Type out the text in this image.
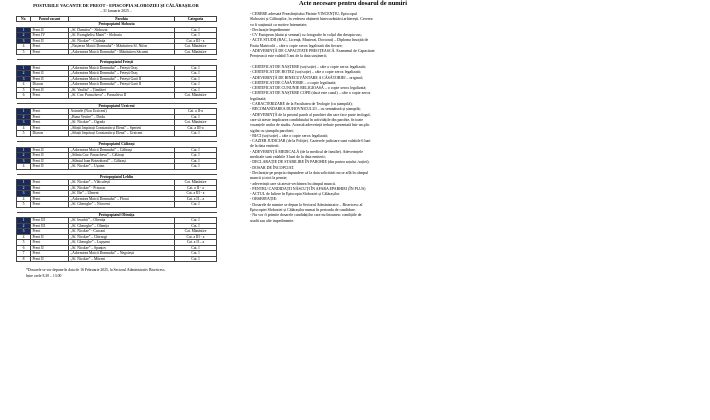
POSTURILE VACANTE DE PREOT - EPISCOPIA SLOBOZIEI ȘI CĂLĂRAȘILOR
– 31 Ianuarie 2025 –
Nr.	Postul vacant	Parohia	Categoria
Protopopiatul Slobozia			
1	Preot II	„Sf. Dumitru” - Slobozia	Cat. I
2	Preot IV	„Sf. Evanghelist Matei” - Slobozia	Cat. I
3	Preot II	„Sf. Nicolae” - Ciulnița	Cat. a III - a
4	Preot	„Nașterea Maicii Domnului” - Mânăstirea Sf. Nifon	Cat. Mănăstire
5	Preot	„Adormirea Maicii Domnului” - Mănăstirea Săcueni	Cat. Mănăstire

Protopopiatul Fetești			
1	Preot	„Adormirea Maicii Domnului” – Fetești Oraș	Cat. I
2	Preot II	„Adormirea Maicii Domnului” – Fetești Oraș	Cat. I
3	Preot II	„Adormirea Maicii Domnului” – Fetești Gară II	Cat. I
4	Diacon	„Adormirea Maicii Domnului” – Fetești Gară II	Cat. I
5	Preot II	„Sf. Vasiliu” – Țăndărei	Cat. I
6	Preot	„Sf. Cuv. Parascheva” – Paraschiva II	Cat. Mănăstire

Protopopiatul Urziceni			
1	Preot	Axintele (Nou Urziceni)	Cat. a II-a
2	Preot	„Buna Vestire” – Dridu	Cat. I
3	Preot	„Sf. Nicolae” – Ograda	Cat. Mănăstire
4	Preot	„Sfinții Împărați Constantin și Elena” – Sperieti	Cat. a III-a
5	Diacon	„Sfinții Împărați Constantin și Elena” – Urziceni	Cat. I

Protopopiatul Călărași			
1	Preot II	„Adormirea Maicii Domnului” – Călărași	Cat. I
2	Preot II	„Sfânta Cuv. Parascheva” – Călărași	Cat. I
3	Preot II	„Sfântul Ioan Botezătorul” – Călărași	Cat. I
4	Preot II	„Sf. Nicolae” – Ușatan	Cat. I

Protopopiatul Lehliu			
1	Preot	„Sf. Nicolae” – Vlăiculești	Cat. Mănăstire
2	Preot	„Sf. Nicolae” - Prisacar	Cat. a II - a
3	Preot	„Sf. Ilie” – Ulmeni	Cat. a III - a
4	Preot	„Adormirea Maicii Domnului” – Florai	Cat. a II – a
5	Preot	„Sf. Gheorghe” – Nicoreni	Cat. I

Protopopiatul Oltenița			
1	Preot III	„Sf. Ierarhii” – Oltenița	Cat. I
2	Preot III	„Sf. Gheorghe” – Oltenița	Cat. I
3	Preot	„Sf. Nicolae” - Curcani	Cat. Mănăstire
4	Preot II	„Sf. Nicolae” – Chirnogi	Cat. a III - a
5	Preot	„Sf. Gheorghe” – Lupșanu	Cat. a II – a
6	Preot II	„Sf. Nicolae” – Spanțov	Cat. I
7	Preot	„Adormirea Maicii Domnului” – Negoiești	Cat. I
8	Preot II	„Sf. Nicolae” – Mitreni	Cat. I
*Dosarele se vor depune în data de 16 Februarie 2025, la Sectorul Administrativ Bisericesc,
între orele 8.30 – 13.00
Acte necesare pentru dosarul de numiri
- CERERE adresată Preasfințitului Părinte VINCENȚIU, Episcopul
Sloboziei și Călărașilor, în vederea obținerii binecuvântării arhierești. Cererea
va fi susținută cu motive întemeiate;
- Declarație împedimente
- CV European (datat și semnat) cu fotografie în colțul din dreapta sus;
- ACTE STUDII (BAC, Licență, Masterat, Doctorat) – Diploma însoțită de
Foaia Matricolă – câte o copie xerox legalizată din fiecare;
- ADEVERINȚĂ DE CAPACITATE PREOȚEASCĂ. Examenul de Capacitate
Preoțească este valabil 5 ani de la data susținerii;
- CERTIFICAT DE NAȘTERE (soț/soție) – câte o copie xerox legalizată;
- CERTIFICAT DE BOTEZ (soț/soție) – câte o copie xerox legalizată;
- ADEVERINȚĂ DE BINECUVÂNTARE A CĂSĂTORIEI – original;
- CERTIFICAT DE CĂSĂTORIE – o copie legalizată;
- CERTIFICAT DE CUNUNIE RELIGIOASĂ – o copie xerox legalizată;
- CERTIFICAT DE NAȘTERE COPII (dacă este cazul) – câte o copie xerox
legalizată;
- CARACTERIZARE de la Facultatea de Teologie (cu ștampilă);
- RECOMANDAREA DUHOVNICULUI – cu semnătură și ștampilă;
- ADEVERINȚĂ de la preotul paroh al parohiei din care face parte teologul,
care să ateste implicarea candidatului în activitățile din parohie, în toate
vacanțele anilor de studiu. Această adeverință trebuie prezentată într-un plic
sigilat cu ștampila parohiei;
- BI/CI (soț/soție) – câte o copie xerox legalizată;
- CAZIER JUDICIAR (de la Poliție). Cazierele judiciare sunt valabile 6 luni
de la data emiterii;
- ADEVERINȚĂ MEDICALĂ (de la medicul de familie). Adeverințele
medicale sunt valabile 3 luni de la data emiterii;
- DECLARAȚIE DE STABILIRE ÎN PAROHIE (din partea soțului /soției);
- DOSAR DE ÎNCOPCIAT.
- Declarație pe propria răspundere că la data solicitării nu se află în câmpul
muncii și nici la pensie;
- adeverință care să ateste vechimea în câmpul muncii.
- PENTRU CANDIDAȚII NĂSCUȚI ÎN AFARA EPARHIEI (ÎN PLUS)
- ACTUL de Iuliere în Episcopia Sloboziei și Călărașilor.
- OBSERVAȚIE:
- Dosarele de numire se depun la Sectorul Administrativ – Bisericesc al
Episcopiei Sloboziei și Călărașilor numai în perioada de candidare.
- Nu vor fi primite dosarele candidaților care nu întrunesc condițiile de
studii sau alte impedimente.
